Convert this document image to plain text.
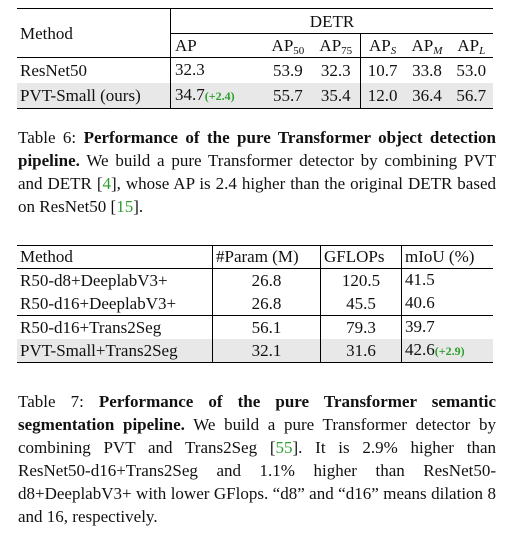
Method	DETR					
	AP	$AP_{50}$	$AP_{75}$	$AP_S$	$AP_M$	$AP_L$
ResNet50	32.3	53.9	32.3	10.7	33.8	53.0
PVT-Small (ours)	34.7(+2.4)	55.7	35.4	12.0	36.4	56.7
Table 6: Performance of the pure Transformer object detection pipeline. We build a pure Transformer detector by combining PVT and DETR [4], whose AP is 2.4 higher than the original DETR based on ResNet50 [15].
Method	#Param (M)	GFLOPs	mIoU (%)
R50-d8+DeeplabV3+	26.8	120.5	41.5
R50-d16+DeeplabV3+	26.8	45.5	40.6
R50-d16+Trans2Seg	56.1	79.3	39.7
PVT-Small+Trans2Seg	32.1	31.6	42.6(+2.9)
Table 7: Performance of the pure Transformer semantic segmentation pipeline. We build a pure Transformer detector by combining PVT and Trans2Seg [55]. It is 2.9% higher than ResNet50-d16+Trans2Seg and 1.1% higher than ResNet50-d8+DeeplabV3+ with lower GFlops. “d8” and “d16” means dilation 8 and 16, respectively.
